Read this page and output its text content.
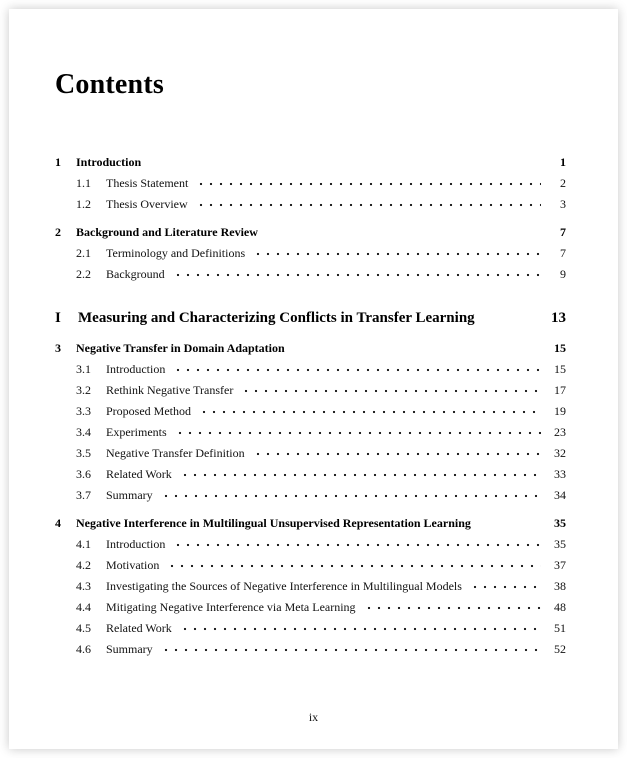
Contents
1	Introduction	1
1.1	Thesis Statement	2
1.2	Thesis Overview	3
2	Background and Literature Review	7
2.1	Terminology and Definitions	7
2.2	Background	9
I	Measuring and Characterizing Conflicts in Transfer Learning	13
3	Negative Transfer in Domain Adaptation	15
3.1	Introduction	15
3.2	Rethink Negative Transfer	17
3.3	Proposed Method	19
3.4	Experiments	23
3.5	Negative Transfer Definition	32
3.6	Related Work	33
3.7	Summary	34
4	Negative Interference in Multilingual Unsupervised Representation Learning	35
4.1	Introduction	35
4.2	Motivation	37
4.3	Investigating the Sources of Negative Interference in Multilingual Models	38
4.4	Mitigating Negative Interference via Meta Learning	48
4.5	Related Work	51
4.6	Summary	52
ix
